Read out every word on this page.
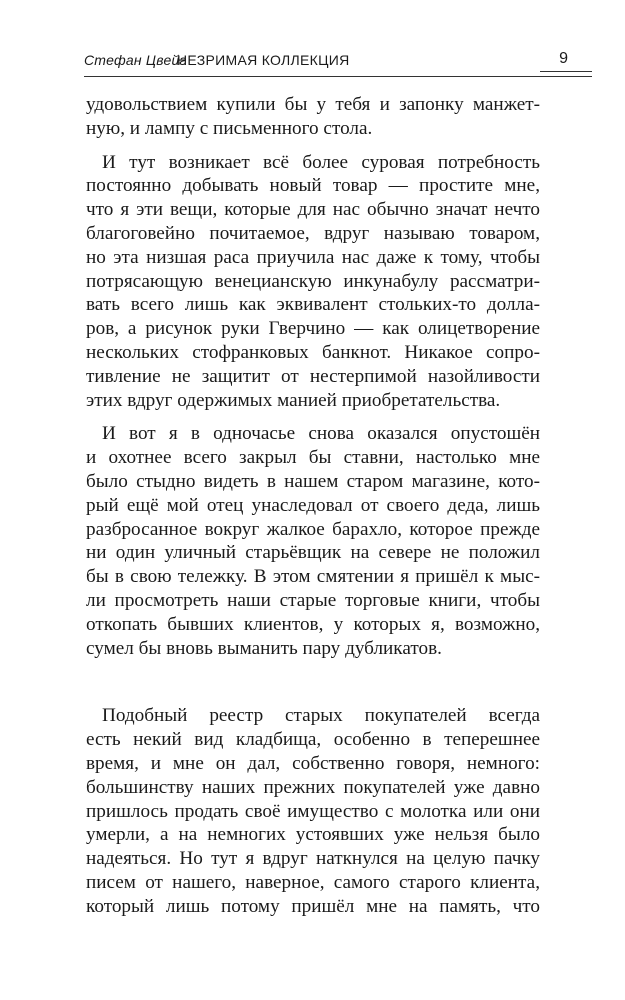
Стефан Цвейг
НЕЗРИМАЯ КОЛЛЕКЦИЯ	9

удовольствием купили бы у тебя и запонку манжет-
ную, и лампу с письменного стола.

И тут возникает всё более суровая потребность

постоянно добывать новый товар — простите мне,
что я эти вещи, которые для нас обычно значат нечто
благоговейно почитаемое, вдруг называю товаром,
но эта низшая раса приучила нас даже к тому, чтобы
потрясающую венецианскую инкунабулу рассматри-
вать всего лишь как эквивалент стольких-то долла-
ров, а рисунок руки Гверчино — как олицетворение
нескольких стофранковых банкнот. Никакое сопро-
тивление не защитит от нестерпимой назойливости
этих вдруг одержимых манией приобретательства.

И вот я в одночасье снова оказался опустошён

и охотнее всего закрыл бы ставни, настолько мне
было стыдно видеть в нашем старом магазине, кото-
рый ещё мой отец унаследовал от своего деда, лишь
разбросанное вокруг жалкое барахло, которое прежде
ни один уличный старьёвщик на севере не положил
бы в свою тележку. В этом смятении я пришёл к мыс-
ли просмотреть наши старые торговые книги, чтобы
откопать бывших клиентов, у которых я, возможно,
сумел бы вновь выманить пару дубликатов.

Подобный реестр старых покупателей всегда

есть некий вид кладбища, особенно в теперешнее
время, и мне он дал, собственно говоря, немного:
большинству наших прежних покупателей уже давно
пришлось продать своё имущество с молотка или они
умерли, а на немногих устоявших уже нельзя было
надеяться. Но тут я вдруг наткнулся на целую пачку
писем от нашего, наверное, самого старого клиента,
который лишь потому пришёл мне на память, что
